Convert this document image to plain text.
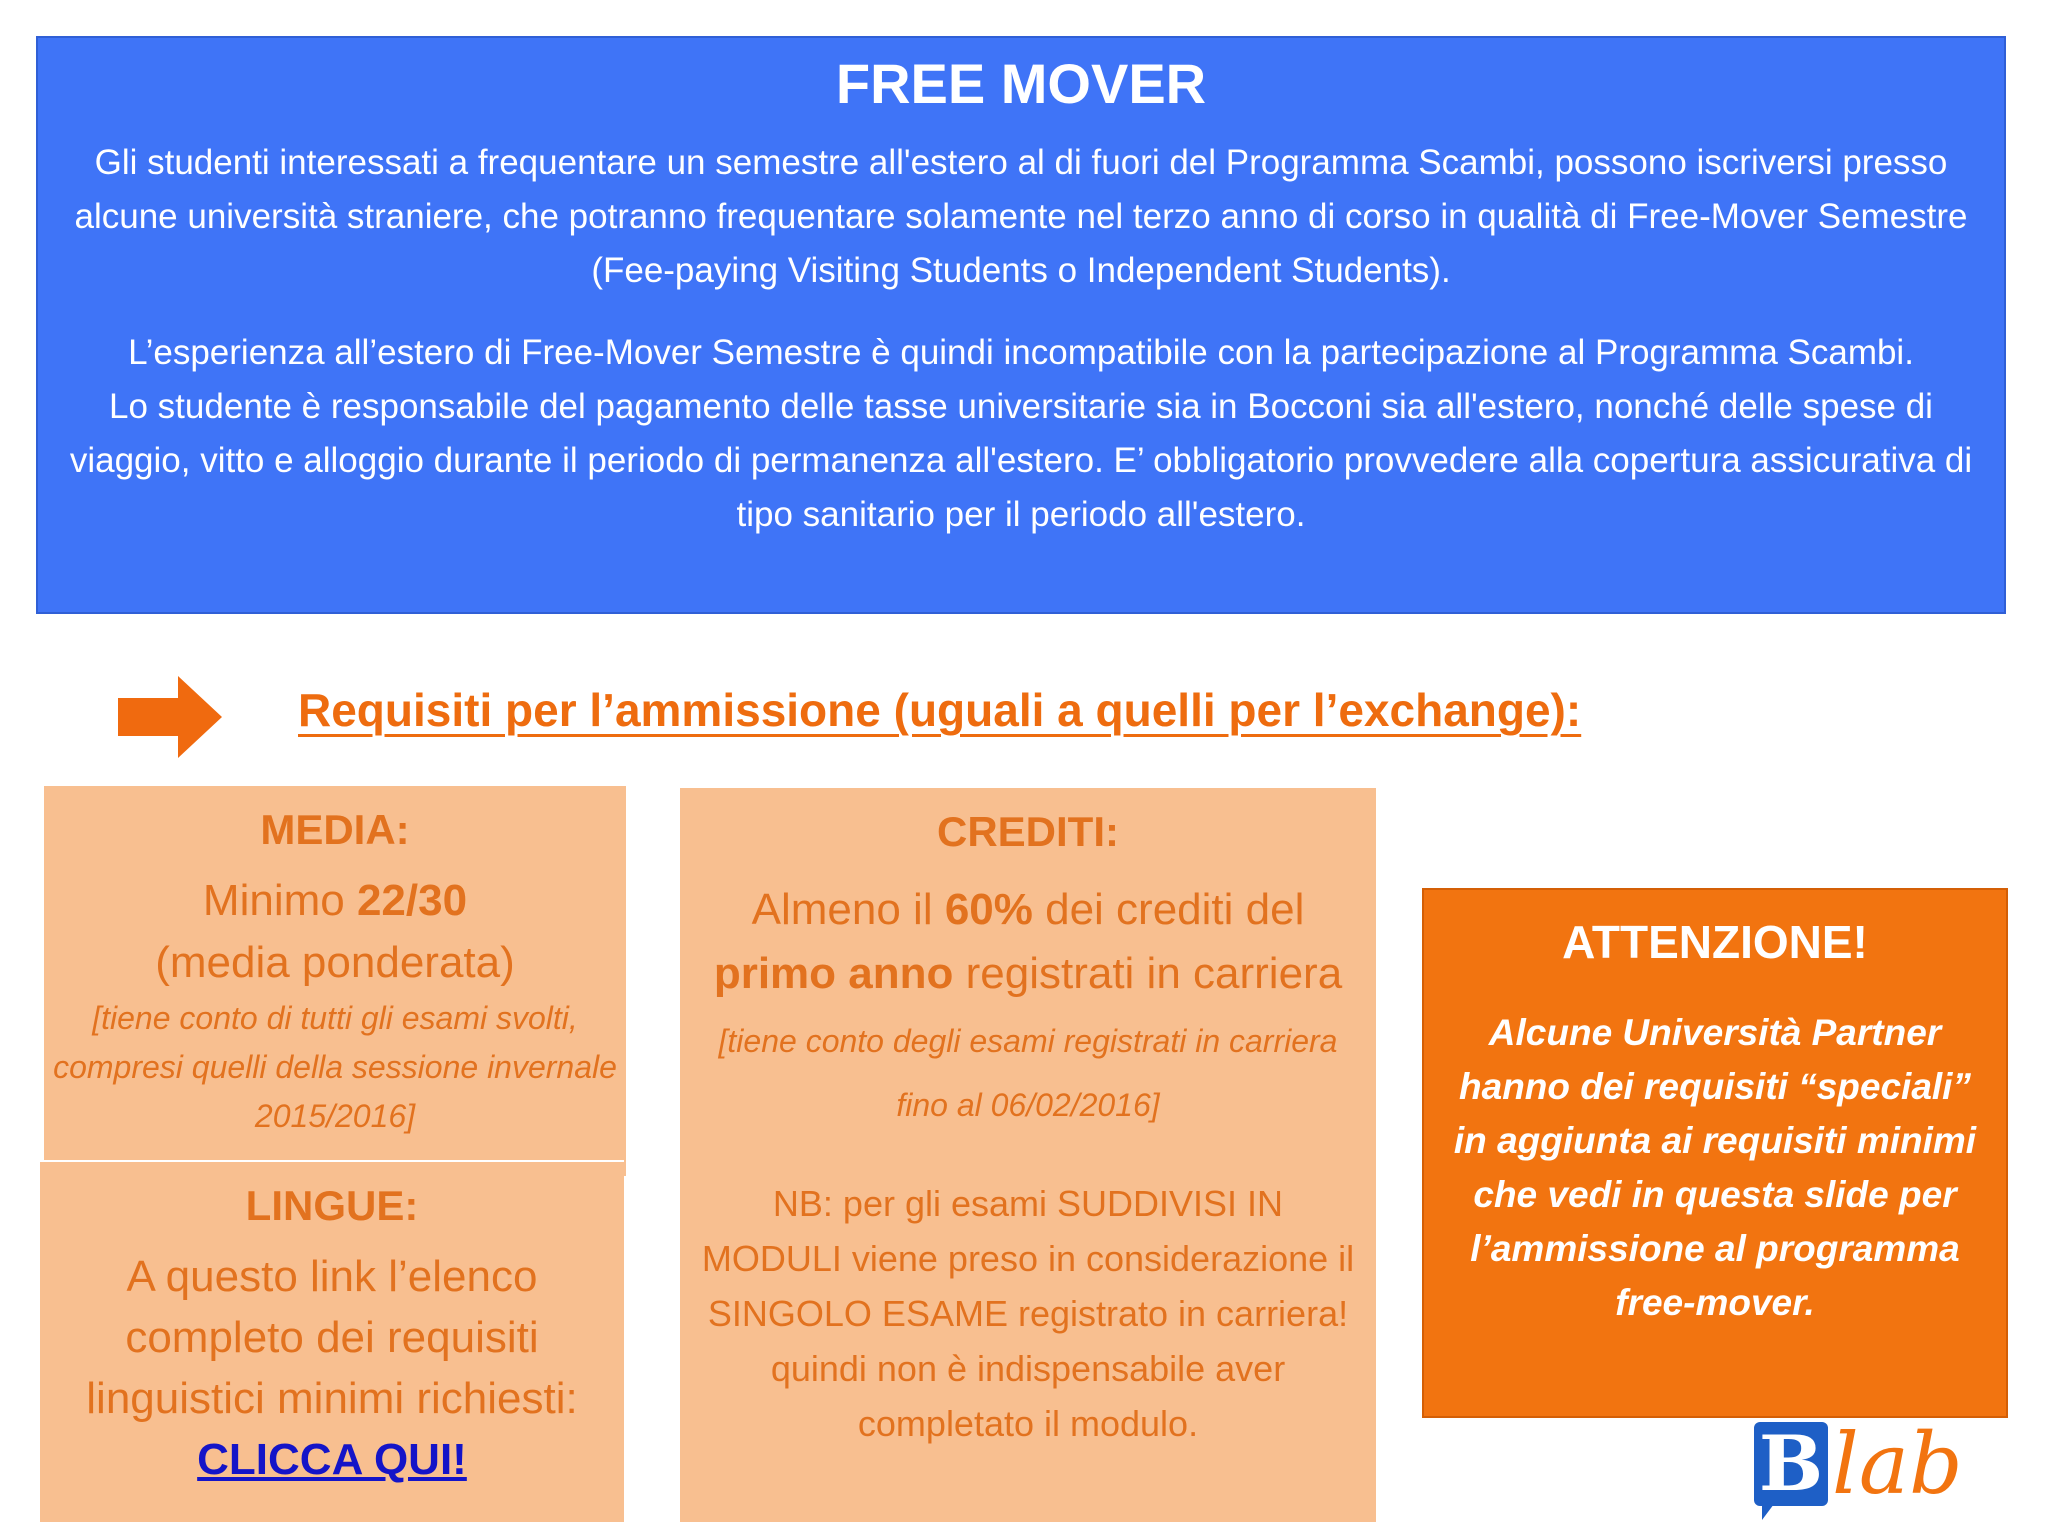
FREE MOVER

Gli studenti interessati a frequentare un semestre all'estero al di fuori del Programma Scambi, possono iscriversi presso alcune università straniere, che potranno frequentare solamente nel terzo anno di corso in qualità di Free-Mover Semestre (Fee-paying Visiting Students o Independent Students).

L’esperienza all’estero di Free-Mover Semestre è quindi incompatibile con la partecipazione al Programma Scambi.

Lo studente è responsabile del pagamento delle tasse universitarie sia in Bocconi sia all'estero, nonché delle spese di viaggio, vitto e alloggio durante il periodo di permanenza all'estero. E’ obbligatorio provvedere alla copertura assicurativa di tipo sanitario per il periodo all'estero.

Requisiti per l’ammissione (uguali a quelli per l’exchange):
MEDIA:
Minimo 22/30
(media ponderata)
[tiene conto di tutti gli esami svolti, compresi quelli della sessione invernale 2015/2016]
LINGUE:
A questo link l’elenco completo dei requisiti linguistici minimi richiesti:
CLICCA QUI!
CREDITI:
Almeno il 60% dei crediti del primo anno registrati in carriera [tiene conto degli esami registrati in carriera fino al 06/02/2016]
NB: per gli esami SUDDIVISI IN MODULI viene preso in considerazione il SINGOLO ESAME registrato in carriera! quindi non è indispensabile aver completato il modulo.
ATTENZIONE!

Alcune Università Partner hanno dei requisiti “speciali” in aggiunta ai requisiti minimi che vedi in questa slide per l’ammissione al programma free-mover.

B lab
